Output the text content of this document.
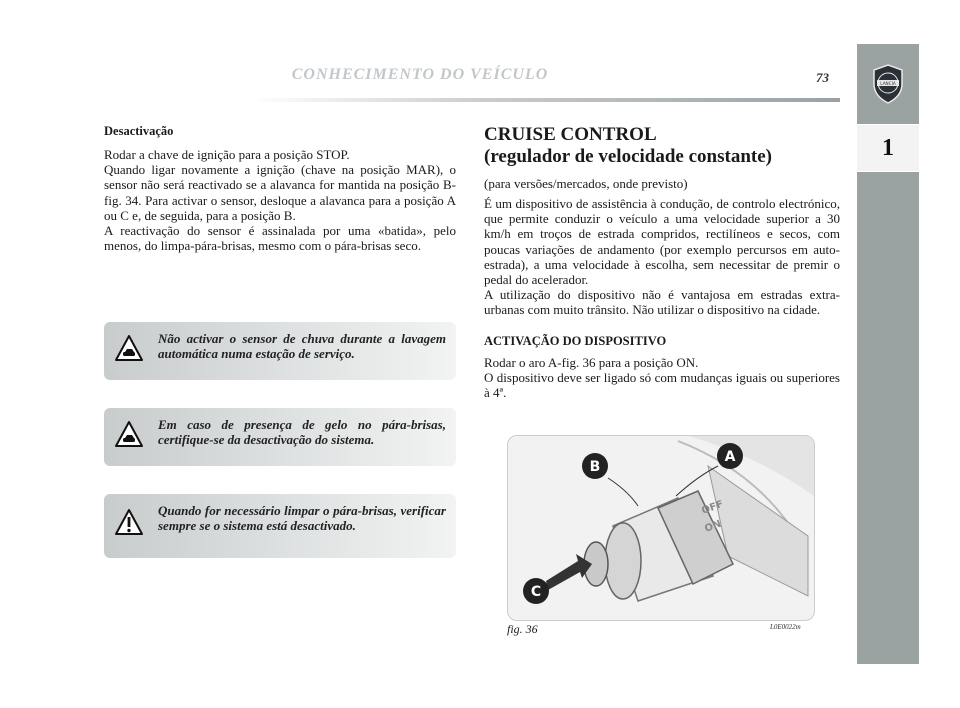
CONHECIMENTO DO VEÍCULO	73	LANCIA
1

Desactivação

Rodar a chave de ignição para a posição STOP.
Quando ligar novamente a ignição (chave na posição MAR), o sensor não será reactivado se a alavanca for mantida na posição B-fig. 34. Para activar o sensor, desloque a alavanca para a posição A ou C e, de seguida, para a posição B.
A reactivação do sensor é assinalada por uma «batida», pelo menos, do limpa-pára-brisas, mesmo com o pára-brisas seco.

Não activar o sensor de chuva durante a lavagem automática numa estação de serviço.
Em caso de presença de gelo no pára-brisas, certifique-se da desactivação do sistema.
Quando for necessário limpar o pára-brisas, verificar sempre se o sistema está desactivado.

CRUISE CONTROL

(regulador de velocidade constante)

(para versões/mercados, onde previsto)

É um dispositivo de assistência à condução, de controlo electrónico, que permite conduzir o veículo a uma velocidade superior a 30 km/h em troços de estrada compridos, rectilíneos e secos, com poucas variações de andamento (por exemplo percursos em auto-estrada), a uma velocidade à escolha, sem necessitar de premir o pedal do acelerador.
A utilização do dispositivo não é vantajosa em estradas extra-urbanas com muito trânsito. Não utilizar o dispositivo na cidade.

ACTIVAÇÃO DO DISPOSITIVO

Rodar o aro A-fig. 36 para a posição ON.
O dispositivo deve ser ligado só com mudanças iguais ou superiores à 4ª.

OFF
ON
A
B
C
fig. 36	L0E0022m
